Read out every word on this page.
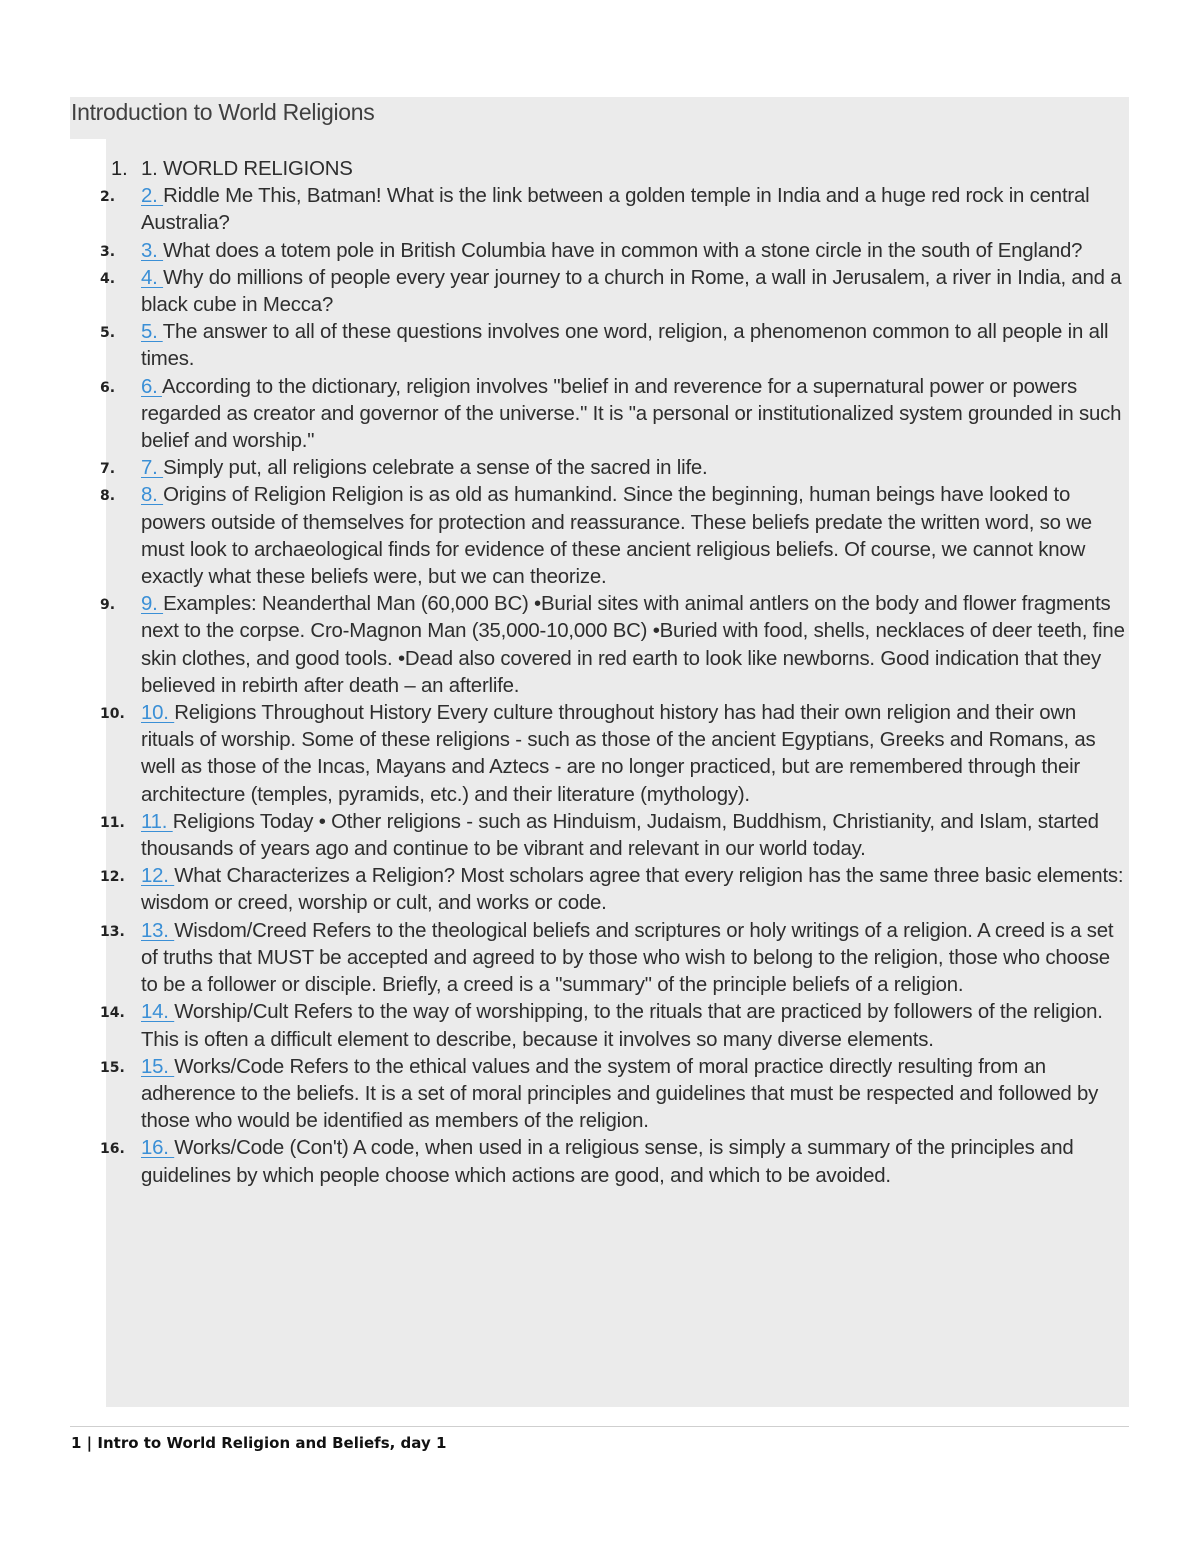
Introduction to World Religions
1. 1. WORLD RELIGIONS
2.	2. Riddle Me This, Batman! What is the link between a golden temple in India and a huge red rock in central Australia?
3.	3. What does a totem pole in British Columbia have in common with a stone circle in the south of England?
4.	4. Why do millions of people every year journey to a church in Rome, a wall in Jerusalem, a river in India, and a black cube in Mecca?
5.	5. The answer to all of these questions involves one word, religion, a phenomenon common to all people in all times.
6.	6. According to the dictionary, religion involves "belief in and reverence for a supernatural power or powers regarded as creator and governor of the universe." It is "a personal or institutionalized system grounded in such belief and worship."
7.	7. Simply put, all religions celebrate a sense of the sacred in life.
8.	8. Origins of Religion Religion is as old as humankind. Since the beginning, human beings have looked to powers outside of themselves for protection and reassurance. These beliefs predate the written word, so we must look to archaeological finds for evidence of these ancient religious beliefs. Of course, we cannot know exactly what these beliefs were, but we can theorize.
9.	9. Examples: Neanderthal Man (60,000 BC) •Burial sites with animal antlers on the body and flower fragments next to the corpse. Cro-Magnon Man (35,000-10,000 BC) •Buried with food, shells, necklaces of deer teeth, fine skin clothes, and good tools. •Dead also covered in red earth to look like newborns. Good indication that they believed in rebirth after death – an afterlife.
10. 10. Religions Throughout History Every culture throughout history has had their own religion and their own rituals of worship. Some of these religions - such as those of the ancient Egyptians, Greeks and Romans, as well as those of the Incas, Mayans and Aztecs - are no longer practiced, but are remembered through their architecture (temples, pyramids, etc.) and their literature (mythology).
11. 11. Religions Today • Other religions - such as Hinduism, Judaism, Buddhism, Christianity, and Islam, started thousands of years ago and continue to be vibrant and relevant in our world today.
12. 12. What Characterizes a Religion? Most scholars agree that every religion has the same three basic elements: wisdom or creed, worship or cult, and works or code.
13. 13. Wisdom/Creed Refers to the theological beliefs and scriptures or holy writings of a religion. A creed is a set of truths that MUST be accepted and agreed to by those who wish to belong to the religion, those who choose to be a follower or disciple. Briefly, a creed is a "summary" of the principle beliefs of a religion.
14. 14. Worship/Cult Refers to the way of worshipping, to the rituals that are practiced by followers of the religion. This is often a difficult element to describe, because it involves so many diverse elements.
15. 15. Works/Code Refers to the ethical values and the system of moral practice directly resulting from an adherence to the beliefs. It is a set of moral principles and guidelines that must be respected and followed by those who would be identified as members of the religion.
16. 16. Works/Code (Con't) A code, when used in a religious sense, is simply a summary of the principles and guidelines by which people choose which actions are good, and which to be avoided.
1 | Intro to World Religion and Beliefs, day 1
